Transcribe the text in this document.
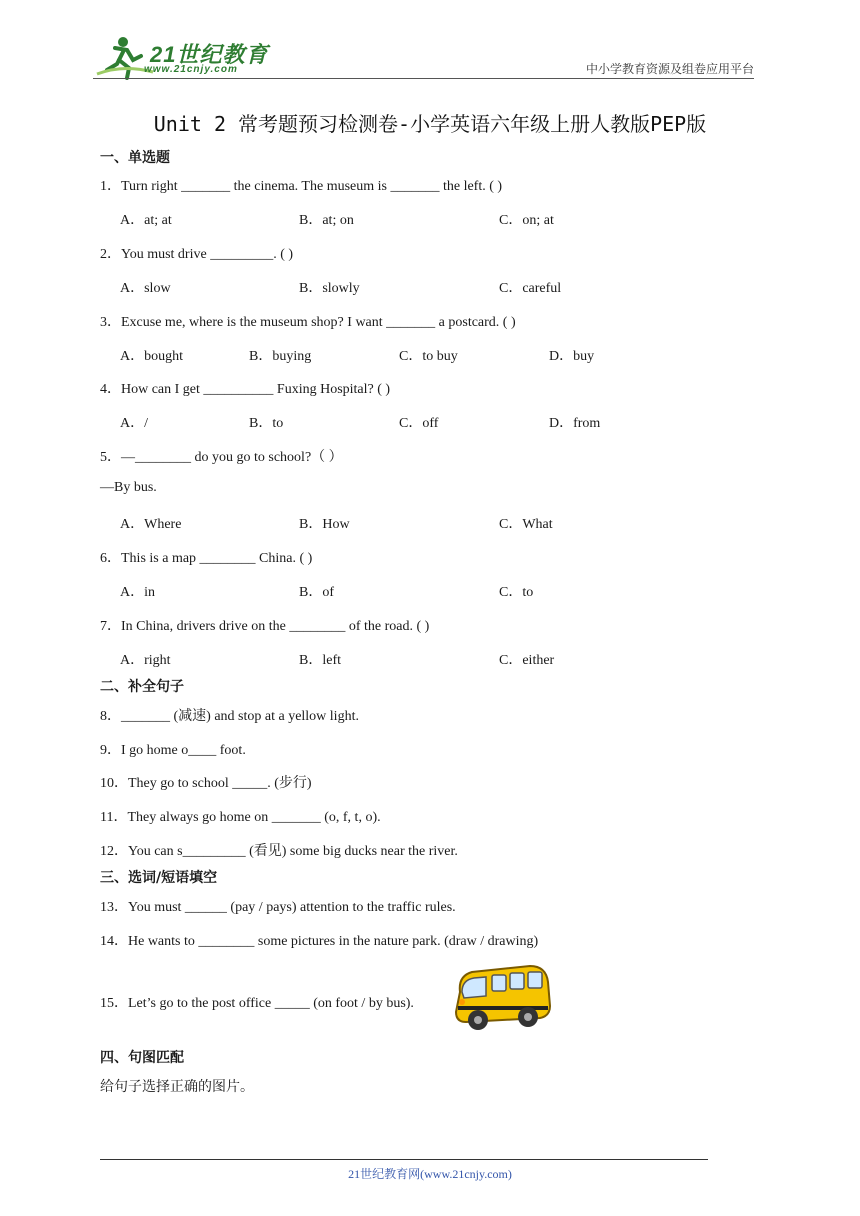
21世纪教育
www.21cnjy.com	中小学教育资源及组卷应用平台
Unit 2 常考题预习检测卷-小学英语六年级上册人教版PEP版
一、单选题
1．Turn right _______ the cinema. The museum is _______ the left. ( )
A．at; at	B．at; on	C．on; at
2．You must drive _________. ( )
A．slow	B．slowly	C．careful
3．Excuse me, where is the museum shop? I want _______ a postcard. ( )
A．bought	B．buying	C．to buy	D．buy
4．How can I get __________ Fuxing Hospital? ( )
A．/	B．to	C．off	D．from
5．—________ do you go to school?（ ）
—By bus.
A．Where	B．How	C．What
6．This is a map ________ China. ( )
A．in	B．of	C．to
7．In China, drivers drive on the ________ of the road. ( )
A．right	B．left	C．either
二、补全句子
8．_______ (减速) and stop at a yellow light.
9．I go home o____ foot.
10．They go to school _____. (步行)
11．They always go home on _______ (o, f, t, o).
12．You can s_________ (看见) some big ducks near the river.
三、选词/短语填空
13．You must ______ (pay / pays) attention to the traffic rules.
14．He wants to ________ some pictures in the nature park. (draw / drawing)
15．Let’s go to the post office _____ (on foot / by bus).
四、句图匹配
给句子选择正确的图片。
21世纪教育网(www.21cnjy.com)
